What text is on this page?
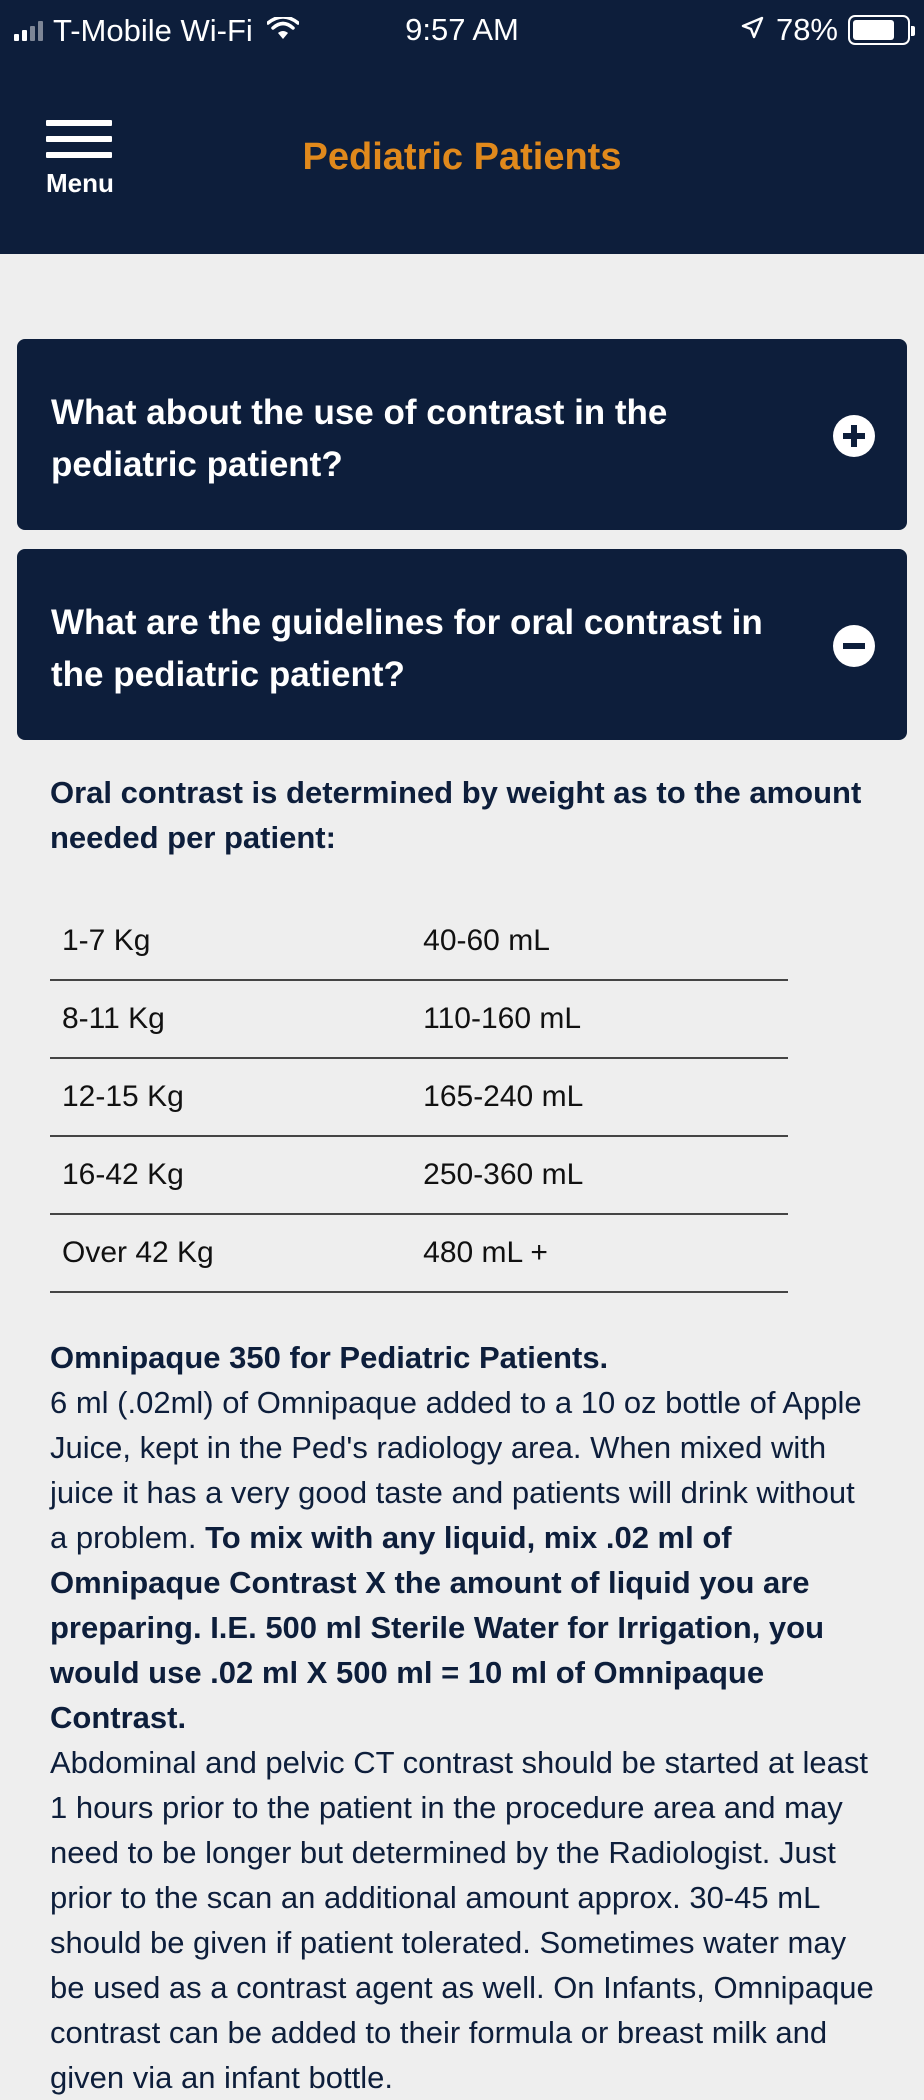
T-Mobile Wi-Fi	9:57 AM	78%
Menu
Pediatric Patients
What about the use of contrast in the pediatric patient?
What are the guidelines for oral contrast in the pediatric patient?

Oral contrast is determined by weight as to the amount needed per patient:

1-7 Kg	40-60 mL
8-11 Kg	110-160 mL
12-15 Kg	165-240 mL
16-42 Kg	250-360 mL
Over 42 Kg	480 mL +

Omnipaque 350 for Pediatric Patients.
6 ml (.02ml) of Omnipaque added to a 10 oz bottle of Apple Juice, kept in the Ped's radiology area. When mixed with juice it has a very good taste and patients will drink without a problem. To mix with any liquid, mix .02 ml of Omnipaque Contrast X the amount of liquid you are preparing. I.E. 500 ml Sterile Water for Irrigation, you would use .02 ml X 500 ml = 10 ml of Omnipaque Contrast.
Abdominal and pelvic CT contrast should be started at least 1 hours prior to the patient in the procedure area and may need to be longer but determined by the Radiologist. Just prior to the scan an additional amount approx. 30-45 mL should be given if patient tolerated. Sometimes water may be used as a contrast agent as well. On Infants, Omnipaque contrast can be added to their formula or breast milk and given via an infant bottle.
